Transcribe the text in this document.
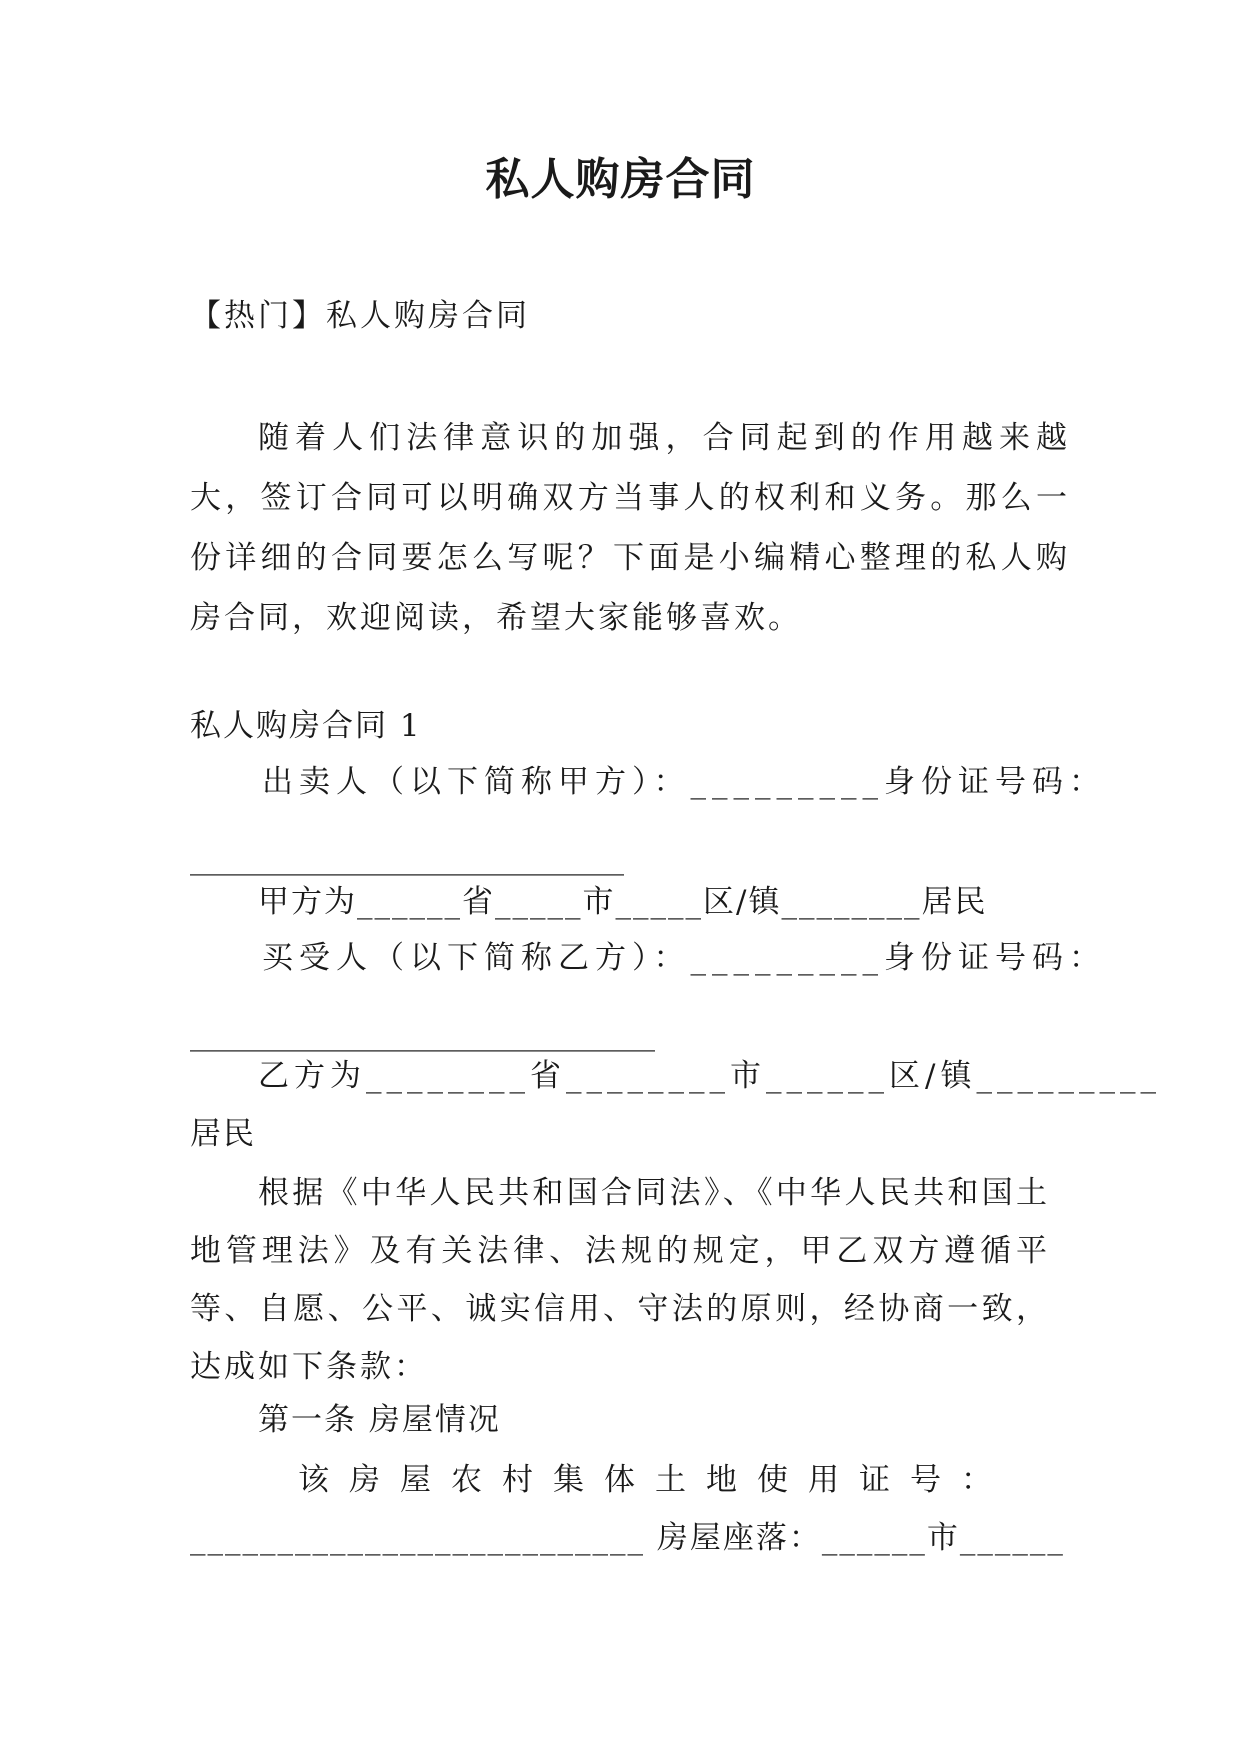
私人购房合同
【热门】私人购房合同
随着人们法律意识的加强，合同起到的作用越来越大，签订合同可以明确双方当事人的权利和义务。那么一份详细的合同要怎么写呢？下面是小编精心整理的私人购房合同，欢迎阅读，希望大家能够喜欢。
私人购房合同 1
出卖人（以下简称甲方）：_________身份证号码：
____________________________
甲方为______省_____市_____区/镇________居民
买受人（以下简称乙方）：_________身份证号码：
______________________________
乙方为________省________市______区/镇_________
居民
根据《中华人民共和国合同法》、《中华人民共和国土地管理法》及有关法律、法规的规定，甲乙双方遵循平等、自愿、公平、诚实信用、守法的原则，经协商一致，达成如下条款：
第一条 房屋情况
该房屋农村集体土地使用证号：
__________________________ 房屋座落：______市______
